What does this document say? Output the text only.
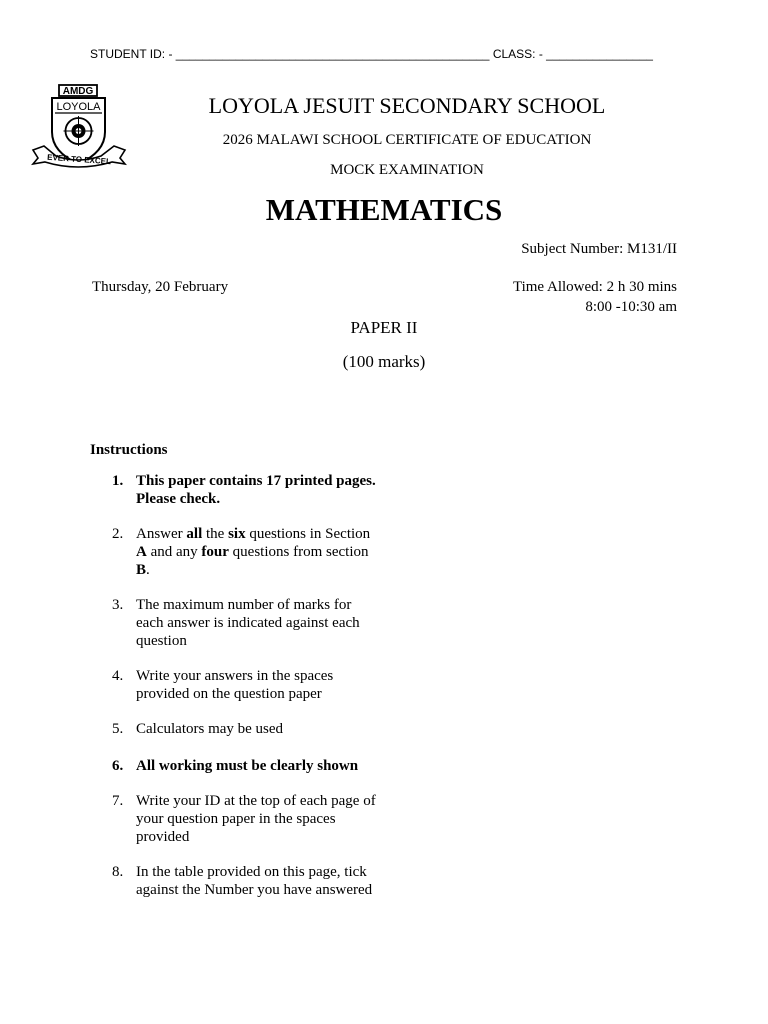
STUDENT ID: - _______________________________________________ CLASS: - ________________
AMDG
LOYOLA
EVER TO EXCEL
LOYOLA JESUIT SECONDARY SCHOOL
2026 MALAWI SCHOOL CERTIFICATE OF EDUCATION
MOCK EXAMINATION
MATHEMATICS
Subject Number: M131/II
Thursday, 20 February	Time Allowed: 2 h 30 mins
8:00 -10:30 am
PAPER II
(100 marks)
Instructions
1. This paper contains 17 printed pages. Please check.
2. Answer all the six questions in Section A and any four questions from section B.
3. The maximum number of marks for each answer is indicated against each question
4. Write your answers in the spaces provided on the question paper
5. Calculators may be used
6. All working must be clearly shown
7. Write your ID at the top of each page of your question paper in the spaces provided
8. In the table provided on this page, tick against the Number you have answered
